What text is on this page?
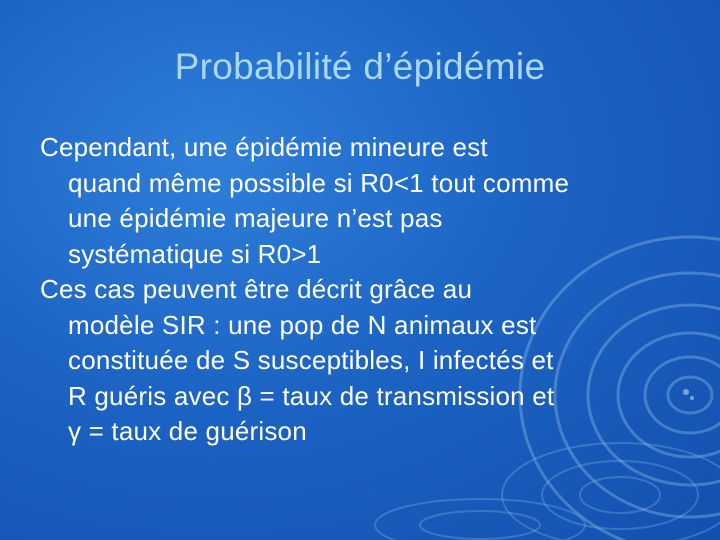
Probabilité d’épidémie

Cependant, une épidémie mineure est
quand même possible si R0<1 tout comme
une épidémie majeure n’est pas
systématique si R0>1

Ces cas peuvent être décrit grâce au
modèle SIR : une pop de N animaux est
constituée de S susceptibles, I infectés et
R guéris avec β = taux de transmission et
γ = taux de guérison
